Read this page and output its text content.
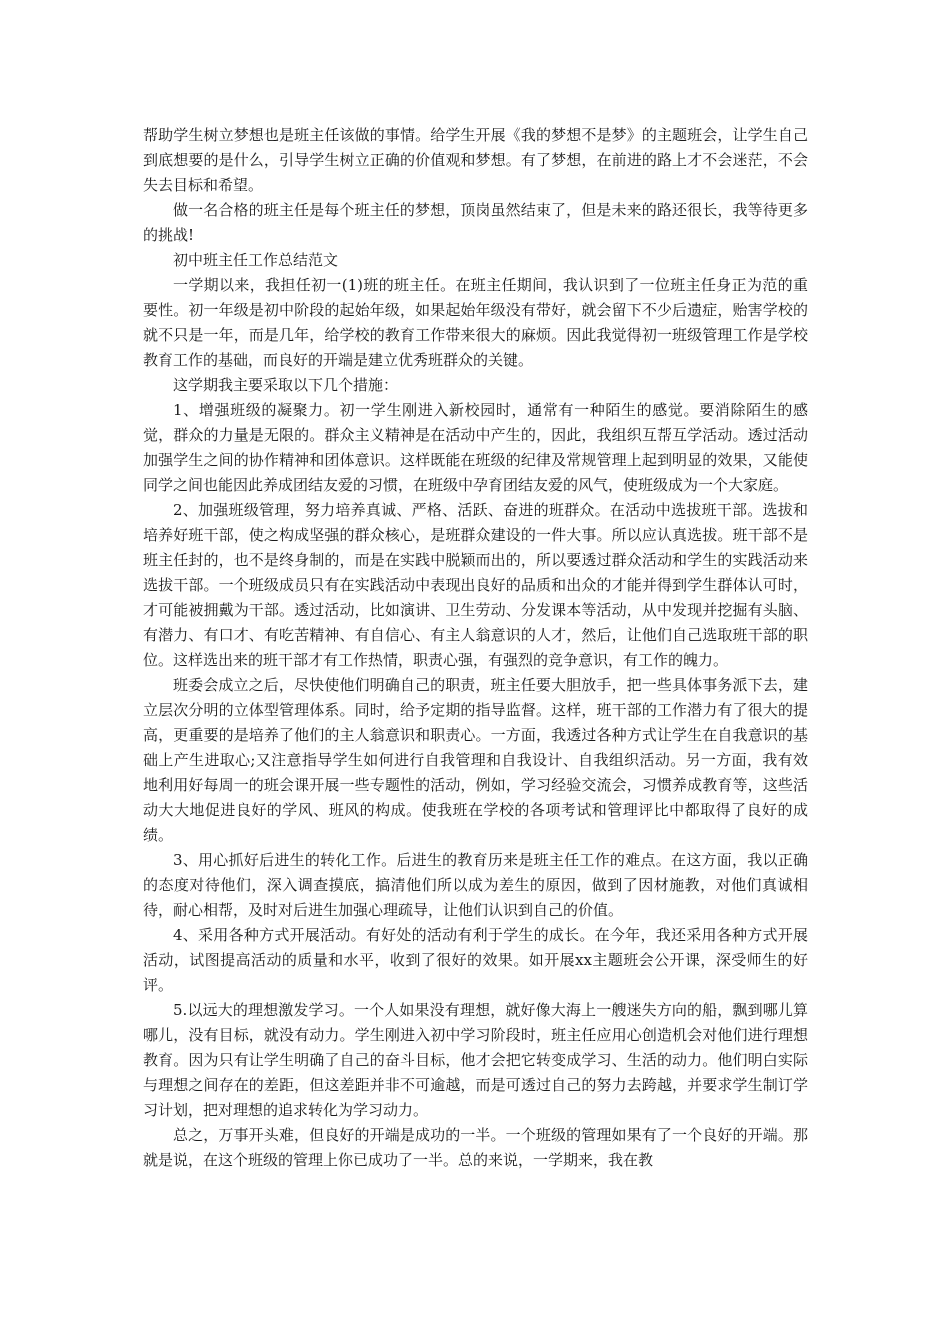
帮助学生树立梦想也是班主任该做的事情。给学生开展《我的梦想不是梦》的主题班会，让学生自己到底想要的是什么，引导学生树立正确的价值观和梦想。有了梦想，在前进的路上才不会迷茫，不会失去目标和希望。

做一名合格的班主任是每个班主任的梦想，顶岗虽然结束了，但是未来的路还很长，我等待更多的挑战!

初中班主任工作总结范文

一学期以来，我担任初一(1)班的班主任。在班主任期间，我认识到了一位班主任身正为范的重要性。初一年级是初中阶段的起始年级，如果起始年级没有带好，就会留下不少后遗症，贻害学校的就不只是一年，而是几年，给学校的教育工作带来很大的麻烦。因此我觉得初一班级管理工作是学校教育工作的基础，而良好的开端是建立优秀班群众的关键。

这学期我主要采取以下几个措施：

1、增强班级的凝聚力。初一学生刚进入新校园时，通常有一种陌生的感觉。要消除陌生的感觉，群众的力量是无限的。群众主义精神是在活动中产生的，因此，我组织互帮互学活动。透过活动加强学生之间的协作精神和团体意识。这样既能在班级的纪律及常规管理上起到明显的效果，又能使同学之间也能因此养成团结友爱的习惯，在班级中孕育团结友爱的风气，使班级成为一个大家庭。

2、加强班级管理，努力培养真诚、严格、活跃、奋进的班群众。在活动中选拔班干部。选拔和培养好班干部，使之构成坚强的群众核心，是班群众建设的一件大事。所以应认真选拔。班干部不是班主任封的，也不是终身制的，而是在实践中脱颖而出的，所以要透过群众活动和学生的实践活动来选拔干部。一个班级成员只有在实践活动中表现出良好的品质和出众的才能并得到学生群体认可时，才可能被拥戴为干部。透过活动，比如演讲、卫生劳动、分发课本等活动，从中发现并挖掘有头脑、有潜力、有口才、有吃苦精神、有自信心、有主人翁意识的人才，然后，让他们自己选取班干部的职位。这样选出来的班干部才有工作热情，职责心强，有强烈的竞争意识，有工作的魄力。

班委会成立之后，尽快使他们明确自己的职责，班主任要大胆放手，把一些具体事务派下去，建立层次分明的立体型管理体系。同时，给予定期的指导监督。这样，班干部的工作潜力有了很大的提高，更重要的是培养了他们的主人翁意识和职责心。一方面，我透过各种方式让学生在自我意识的基础上产生进取心;又注意指导学生如何进行自我管理和自我设计、自我组织活动。另一方面，我有效地利用好每周一的班会课开展一些专题性的活动，例如，学习经验交流会，习惯养成教育等，这些活动大大地促进良好的学风、班风的构成。使我班在学校的各项考试和管理评比中都取得了良好的成绩。

3、用心抓好后进生的转化工作。后进生的教育历来是班主任工作的难点。在这方面，我以正确的态度对待他们，深入调查摸底，搞清他们所以成为差生的原因，做到了因材施教，对他们真诚相待，耐心相帮，及时对后进生加强心理疏导，让他们认识到自己的价值。

4、采用各种方式开展活动。有好处的活动有利于学生的成长。在今年，我还采用各种方式开展活动，试图提高活动的质量和水平，收到了很好的效果。如开展xx主题班会公开课，深受师生的好评。

5.以远大的理想激发学习。一个人如果没有理想，就好像大海上一艘迷失方向的船，飘到哪儿算哪儿，没有目标，就没有动力。学生刚进入初中学习阶段时，班主任应用心创造机会对他们进行理想教育。因为只有让学生明确了自己的奋斗目标，他才会把它转变成学习、生活的动力。他们明白实际与理想之间存在的差距，但这差距并非不可逾越，而是可透过自己的努力去跨越，并要求学生制订学习计划，把对理想的追求转化为学习动力。

总之，万事开头难，但良好的开端是成功的一半。一个班级的管理如果有了一个良好的开端。那就是说，在这个班级的管理上你已成功了一半。总的来说，一学期来，我在教
